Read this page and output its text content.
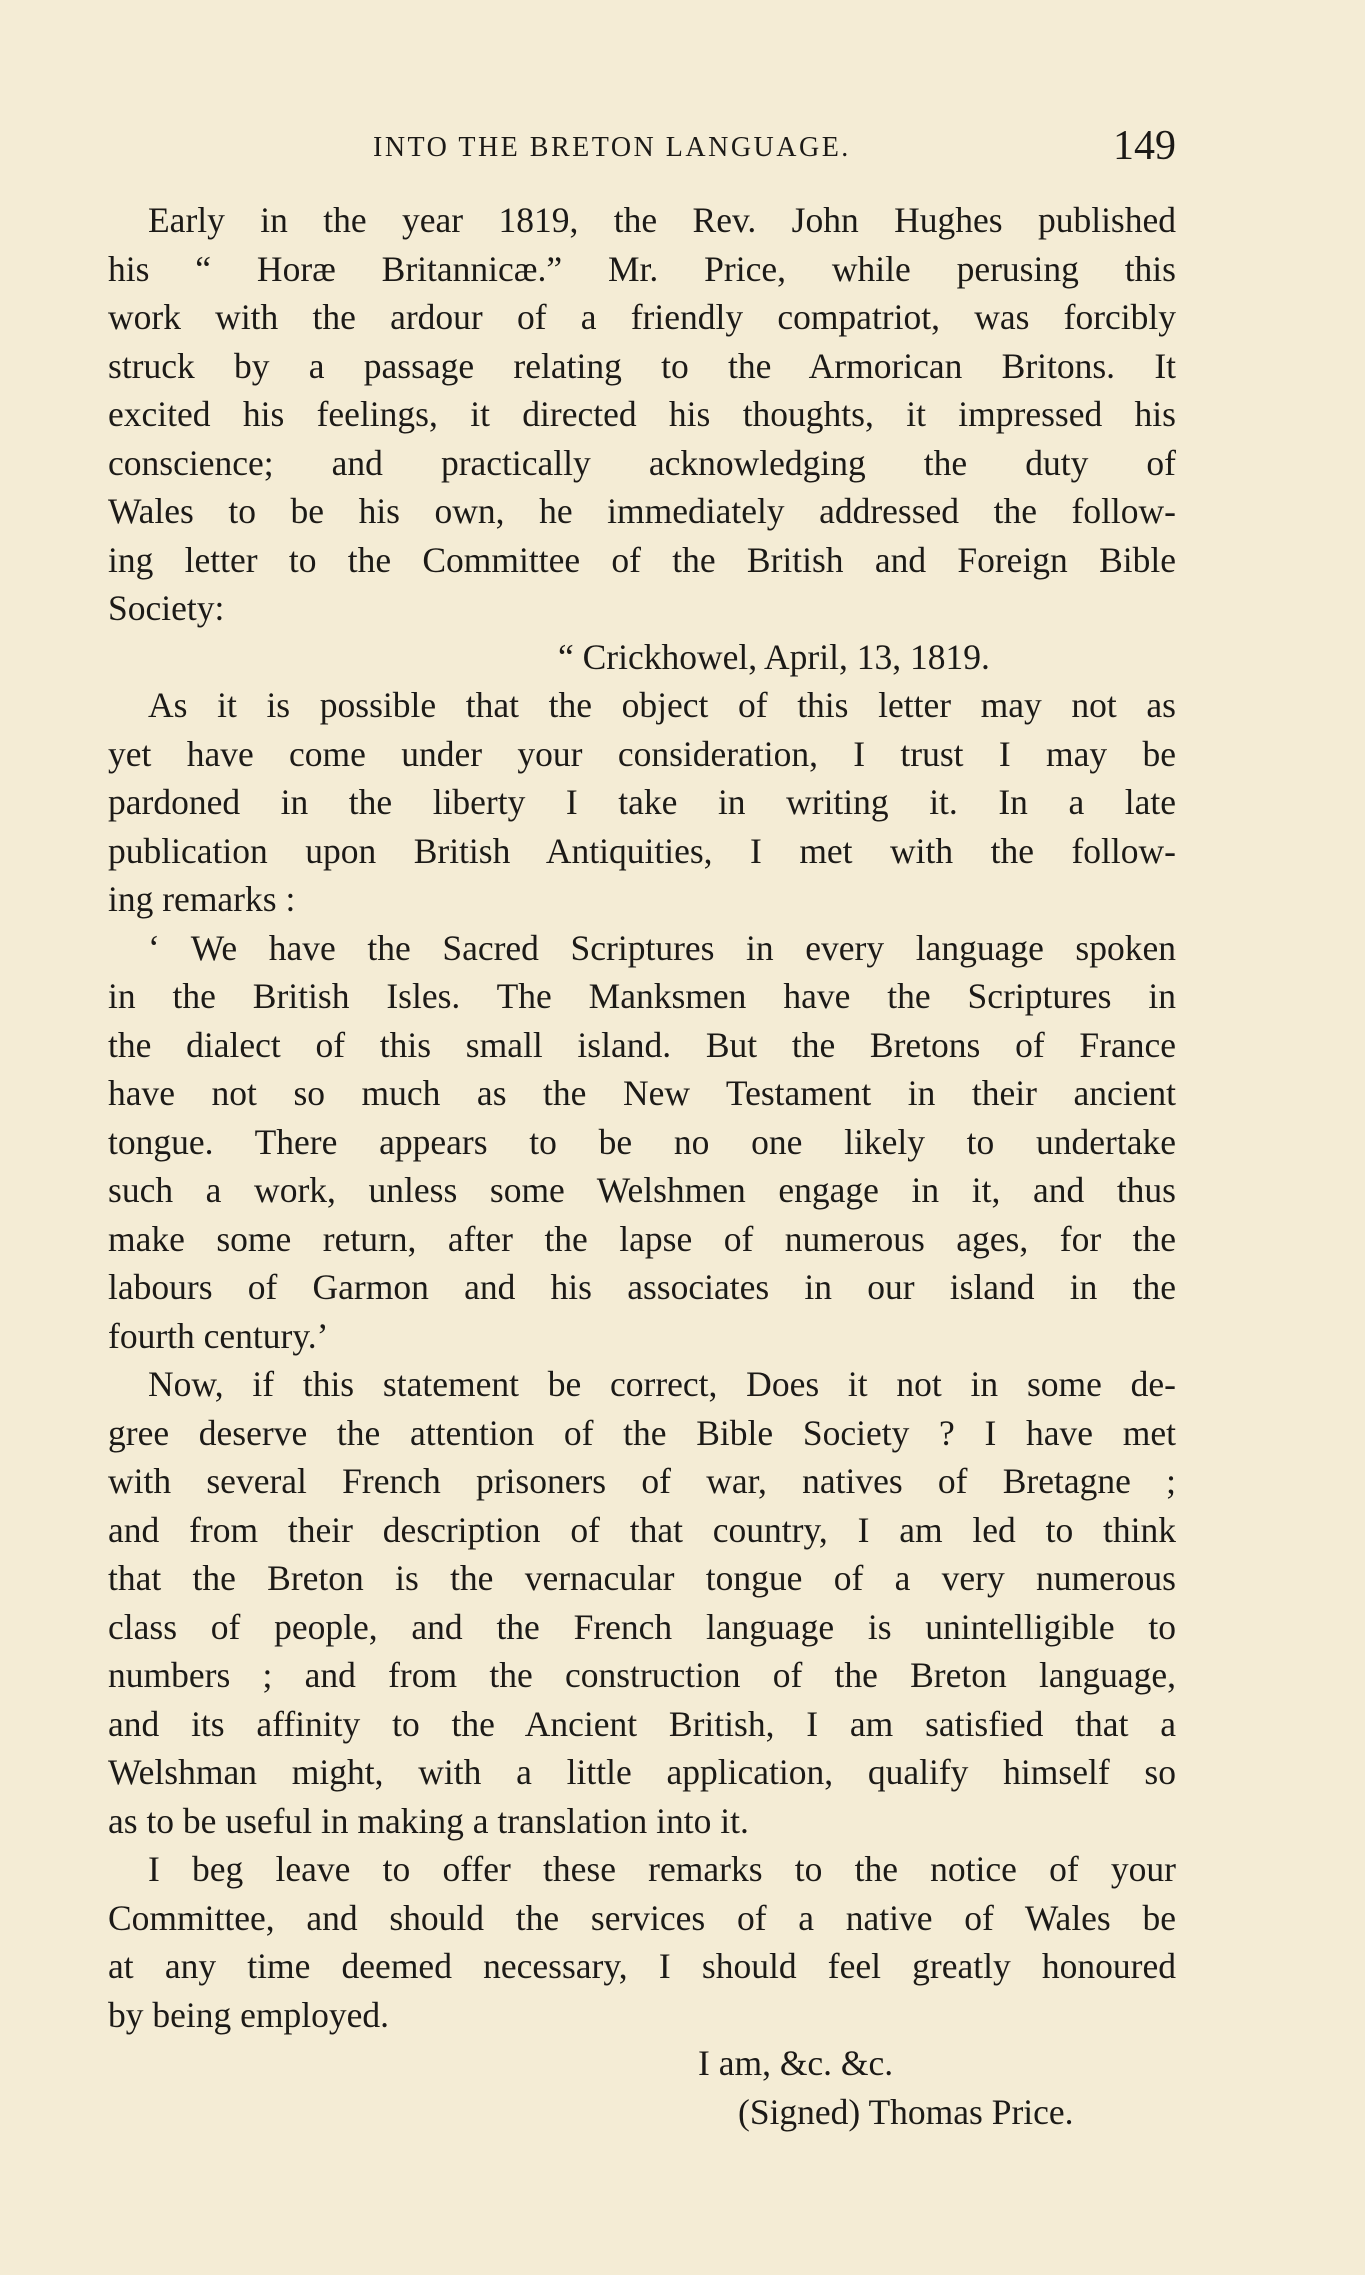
INTO THE BRETON LANGUAGE.	149
Early in the year 1819, the Rev. John Hughes published
his “ Horæ Britannicæ.” Mr. Price, while perusing this
work with the ardour of a friendly compatriot, was forcibly
struck by a passage relating to the Armorican Britons. It
excited his feelings, it directed his thoughts, it impressed his
conscience; and practically acknowledging the duty of
Wales to be his own, he immediately addressed the follow-
ing letter to the Committee of the British and Foreign Bible
Society:
“ Crickhowel, April, 13, 1819.
As it is possible that the object of this letter may not as
yet have come under your consideration, I trust I may be
pardoned in the liberty I take in writing it. In a late
publication upon British Antiquities, I met with the follow-
ing remarks :
‘ We have the Sacred Scriptures in every language spoken
in the British Isles. The Manksmen have the Scriptures in
the dialect of this small island. But the Bretons of France
have not so much as the New Testament in their ancient
tongue. There appears to be no one likely to undertake
such a work, unless some Welshmen engage in it, and thus
make some return, after the lapse of numerous ages, for the
labours of Garmon and his associates in our island in the
fourth century.’
Now, if this statement be correct, Does it not in some de-
gree deserve the attention of the Bible Society ? I have met
with several French prisoners of war, natives of Bretagne ;
and from their description of that country, I am led to think
that the Breton is the vernacular tongue of a very numerous
class of people, and the French language is unintelligible to
numbers ; and from the construction of the Breton language,
and its affinity to the Ancient British, I am satisfied that a
Welshman might, with a little application, qualify himself so
as to be useful in making a translation into it.
I beg leave to offer these remarks to the notice of your
Committee, and should the services of a native of Wales be
at any time deemed necessary, I should feel greatly honoured
by being employed.
I am, &c. &c.
(Signed) Thomas Price.
